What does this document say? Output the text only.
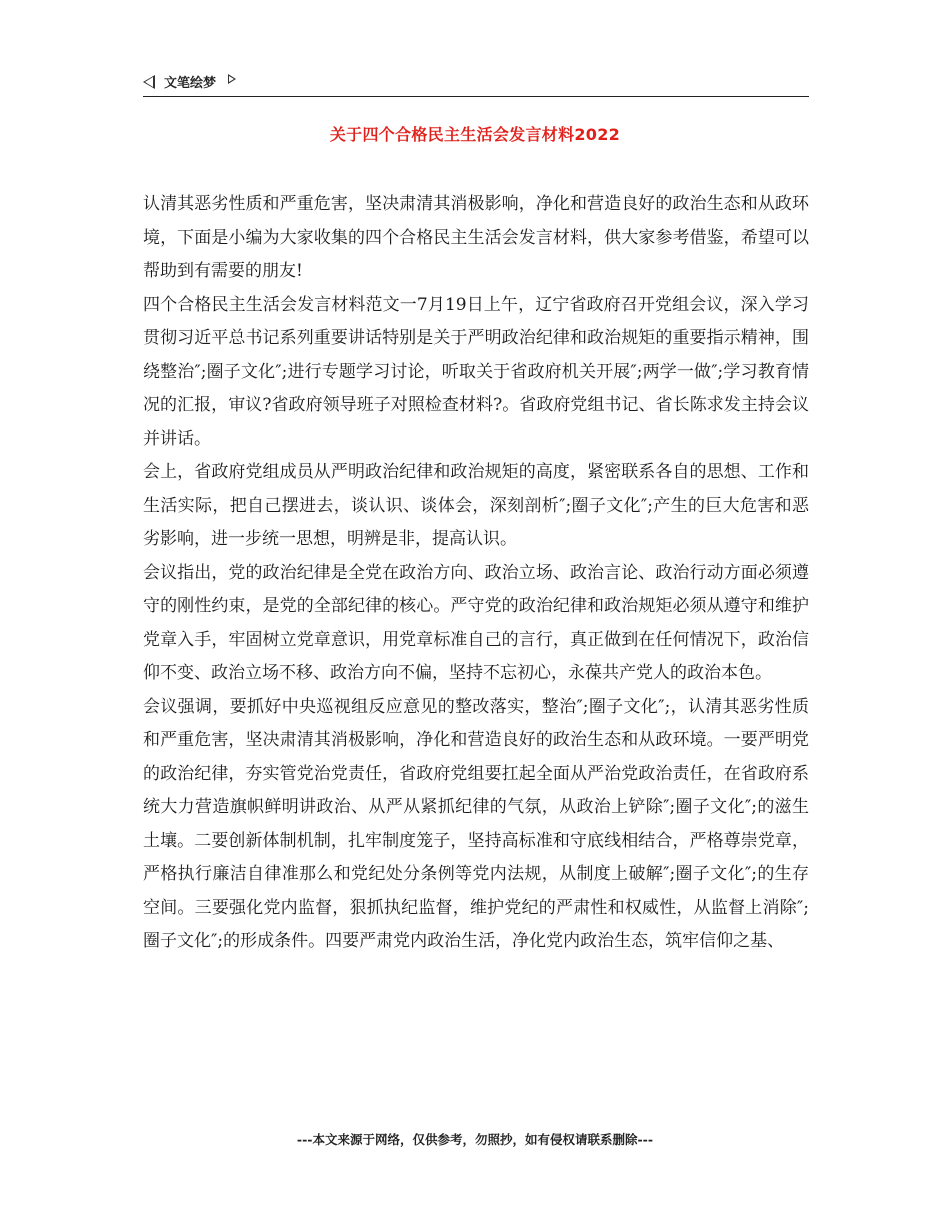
文笔绘梦
关于四个合格民主生活会发言材料2022

认清其恶劣性质和严重危害，坚决肃清其消极影响，净化和营造良好的政治生态和从政环境，下面是小编为大家收集的四个合格民主生活会发言材料，供大家参考借鉴，希望可以帮助到有需要的朋友!

四个合格民主生活会发言材料范文一7月19日上午，辽宁省政府召开党组会议，深入学习贯彻习近平总书记系列重要讲话特别是关于严明政治纪律和政治规矩的重要指示精神，围绕整治″;圈子文化″;进行专题学习讨论，听取关于省政府机关开展″;两学一做″;学习教育情况的汇报，审议?省政府领导班子对照检查材料?。省政府党组书记、省长陈求发主持会议并讲话。

会上，省政府党组成员从严明政治纪律和政治规矩的高度，紧密联系各自的思想、工作和生活实际，把自己摆进去，谈认识、谈体会，深刻剖析″;圈子文化″;产生的巨大危害和恶劣影响，进一步统一思想，明辨是非，提高认识。

会议指出，党的政治纪律是全党在政治方向、政治立场、政治言论、政治行动方面必须遵守的刚性约束，是党的全部纪律的核心。严守党的政治纪律和政治规矩必须从遵守和维护党章入手，牢固树立党章意识，用党章标准自己的言行，真正做到在任何情况下，政治信仰不变、政治立场不移、政治方向不偏，坚持不忘初心，永葆共产党人的政治本色。

会议强调，要抓好中央巡视组反应意见的整改落实，整治″;圈子文化″;，认清其恶劣性质和严重危害，坚决肃清其消极影响，净化和营造良好的政治生态和从政环境。一要严明党的政治纪律，夯实管党治党责任，省政府党组要扛起全面从严治党政治责任，在省政府系统大力营造旗帜鲜明讲政治、从严从紧抓纪律的气氛，从政治上铲除″;圈子文化″;的滋生土壤。二要创新体制机制，扎牢制度笼子，坚持高标准和守底线相结合，严格尊崇党章，严格执行廉洁自律准那么和党纪处分条例等党内法规，从制度上破解″;圈子文化″;的生存空间。三要强化党内监督，狠抓执纪监督，维护党纪的严肃性和权威性，从监督上消除″;圈子文化″;的形成条件。四要严肃党内政治生活，净化党内政治生态，筑牢信仰之基、

---本文来源于网络，仅供参考，勿照抄，如有侵权请联系删除---
